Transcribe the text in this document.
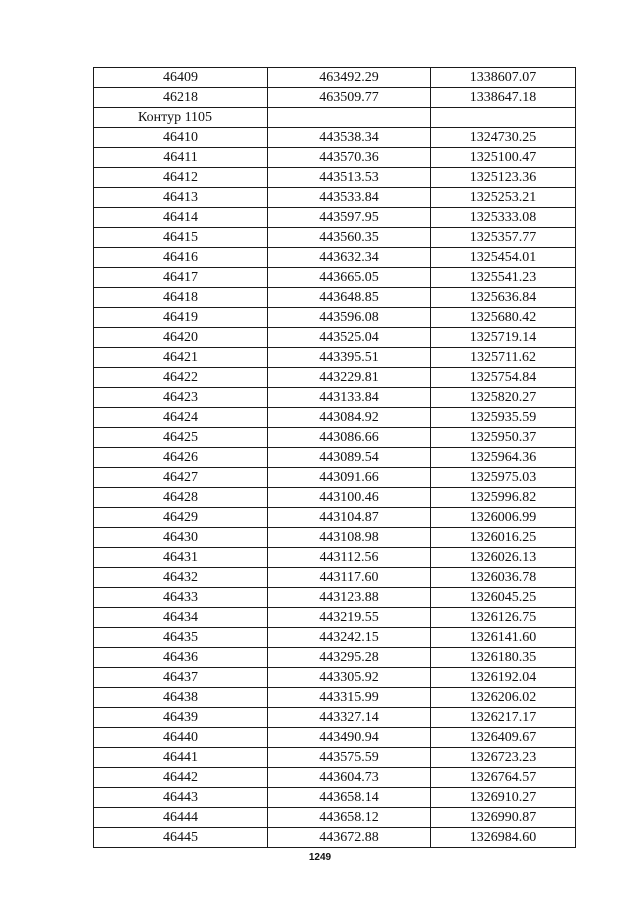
46409	463492.29	1338607.07
46218	463509.77	1338647.18
Контур 1105		
46410	443538.34	1324730.25
46411	443570.36	1325100.47
46412	443513.53	1325123.36
46413	443533.84	1325253.21
46414	443597.95	1325333.08
46415	443560.35	1325357.77
46416	443632.34	1325454.01
46417	443665.05	1325541.23
46418	443648.85	1325636.84
46419	443596.08	1325680.42
46420	443525.04	1325719.14
46421	443395.51	1325711.62
46422	443229.81	1325754.84
46423	443133.84	1325820.27
46424	443084.92	1325935.59
46425	443086.66	1325950.37
46426	443089.54	1325964.36
46427	443091.66	1325975.03
46428	443100.46	1325996.82
46429	443104.87	1326006.99
46430	443108.98	1326016.25
46431	443112.56	1326026.13
46432	443117.60	1326036.78
46433	443123.88	1326045.25
46434	443219.55	1326126.75
46435	443242.15	1326141.60
46436	443295.28	1326180.35
46437	443305.92	1326192.04
46438	443315.99	1326206.02
46439	443327.14	1326217.17
46440	443490.94	1326409.67
46441	443575.59	1326723.23
46442	443604.73	1326764.57
46443	443658.14	1326910.27
46444	443658.12	1326990.87
46445	443672.88	1326984.60
1249
